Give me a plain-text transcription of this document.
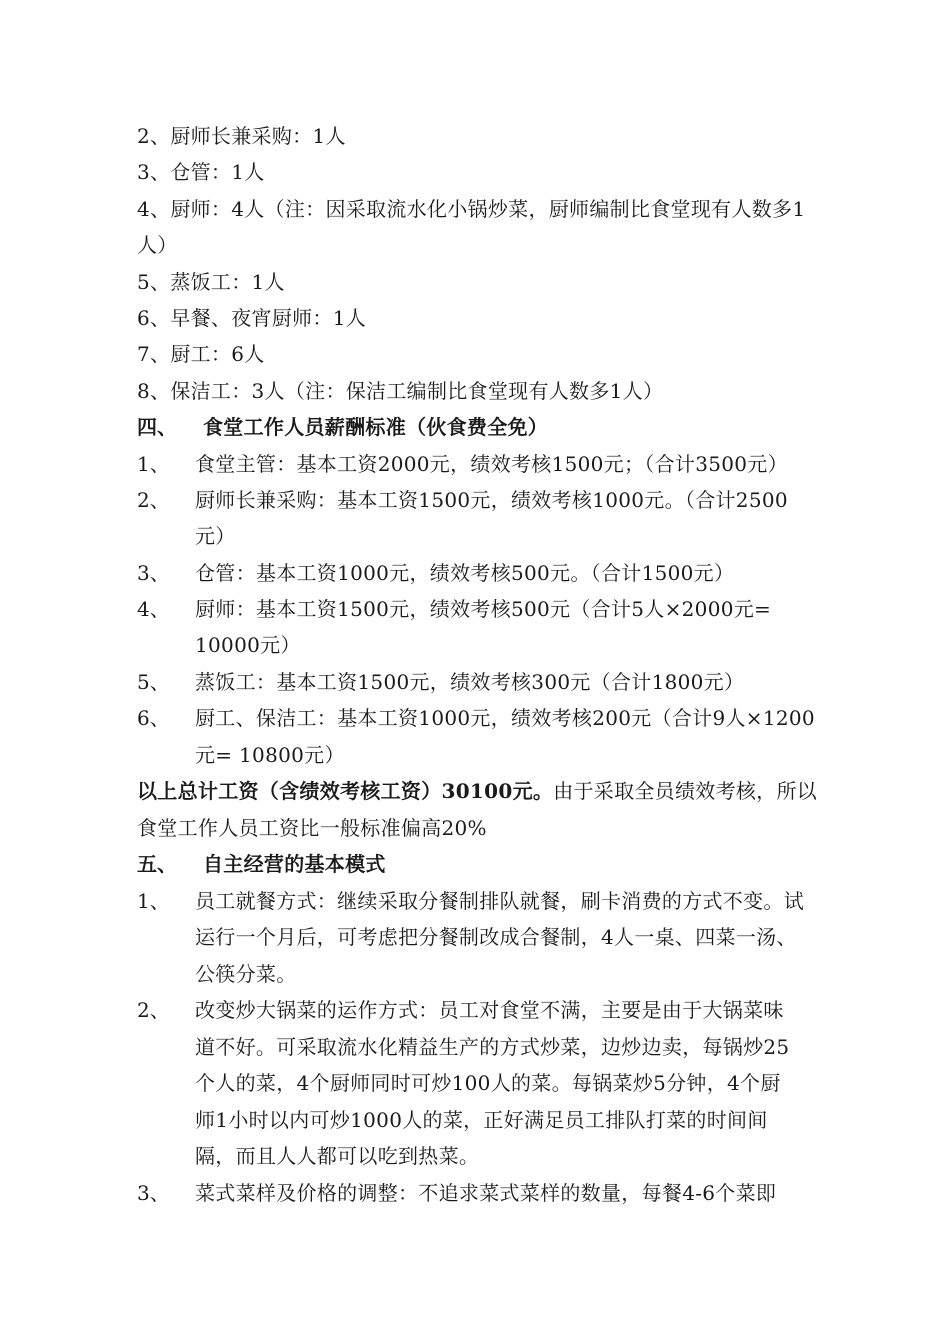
2、厨师长兼采购：1人
3、仓管：1人
4、厨师：4人（注：因采取流水化小锅炒菜，厨师编制比食堂现有人数多1
人）
5、蒸饭工：1人
6、早餐、夜宵厨师：1人
7、厨工：6人
8、保洁工：3人（注：保洁工编制比食堂现有人数多1人）
四、 食堂工作人员薪酬标准（伙食费全免）
1、 食堂主管：基本工资2000元，绩效考核1500元；（合计3500元）
2、 厨师长兼采购：基本工资1500元，绩效考核1000元。（合计2500
元）
3、 仓管：基本工资1000元，绩效考核500元。（合计1500元）
4、 厨师：基本工资1500元，绩效考核500元（合计5人×2000元=
10000元）
5、 蒸饭工：基本工资1500元，绩效考核300元（合计1800元）
6、 厨工、保洁工：基本工资1000元，绩效考核200元（合计9人×1200
元= 10800元）
以上总计工资（含绩效考核工资）30100元。由于采取全员绩效考核，所以
食堂工作人员工资比一般标准偏高20%
五、 自主经营的基本模式
1、 员工就餐方式：继续采取分餐制排队就餐，刷卡消费的方式不变。试
运行一个月后，可考虑把分餐制改成合餐制，4人一桌、四菜一汤、
公筷分菜。
2、 改变炒大锅菜的运作方式：员工对食堂不满，主要是由于大锅菜味
道不好。可采取流水化精益生产的方式炒菜，边炒边卖，每锅炒25
个人的菜，4个厨师同时可炒100人的菜。每锅菜炒5分钟，4个厨
师1小时以内可炒1000人的菜，正好满足员工排队打菜的时间间
隔，而且人人都可以吃到热菜。
3、 菜式菜样及价格的调整：不追求菜式菜样的数量，每餐4-6个菜即
